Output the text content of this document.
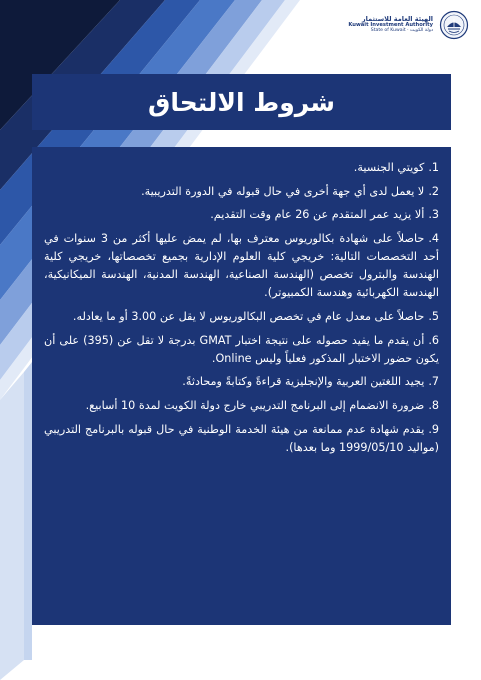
الهيئة العامة للاستثمار
Kuwait Investment Authority
State of Kuwait · دولة الكويت
شروط الالتحاق
1.كويتي الجنسية.
2.لا يعمل لدى أي جهة أخرى في حال قبوله في الدورة التدريبية.
3.ألا يزيد عمر المتقدم عن 26 عام وقت التقديم.
4.حاصلاً على شهادة بكالوريوس معترف بها، لم يمض عليها أكثر من 3 سنوات في أحد التخصصات التالية: خريجي كلية العلوم الإدارية بجميع تخصصاتها، خريجي كلية الهندسة والبترول تخصص (الهندسة الصناعية، الهندسة المدنية، الهندسة الميكانيكية، الهندسة الكهربائية وهندسة الكمبيوتر).
5.حاصلاً على معدل عام في تخصص البكالوريوس لا يقل عن 3.00 أو ما يعادله.
6.أن يقدم ما يفيد حصوله على نتيجة اختبار GMAT بدرجة لا تقل عن (395) على أن يكون حضور الاختبار المذكور فعلياً وليس Online.
7.يجيد اللغتين العربية والإنجليزية قراءةً وكتابةً ومحادثةً.
8.ضرورة الانضمام إلى البرنامج التدريبي خارج دولة الكويت لمدة 10 أسابيع.
9.يقدم شهادة عدم ممانعة من هيئة الخدمة الوطنية في حال قبوله بالبرنامج التدريبي (مواليد 1999/05/10 وما بعدها).
